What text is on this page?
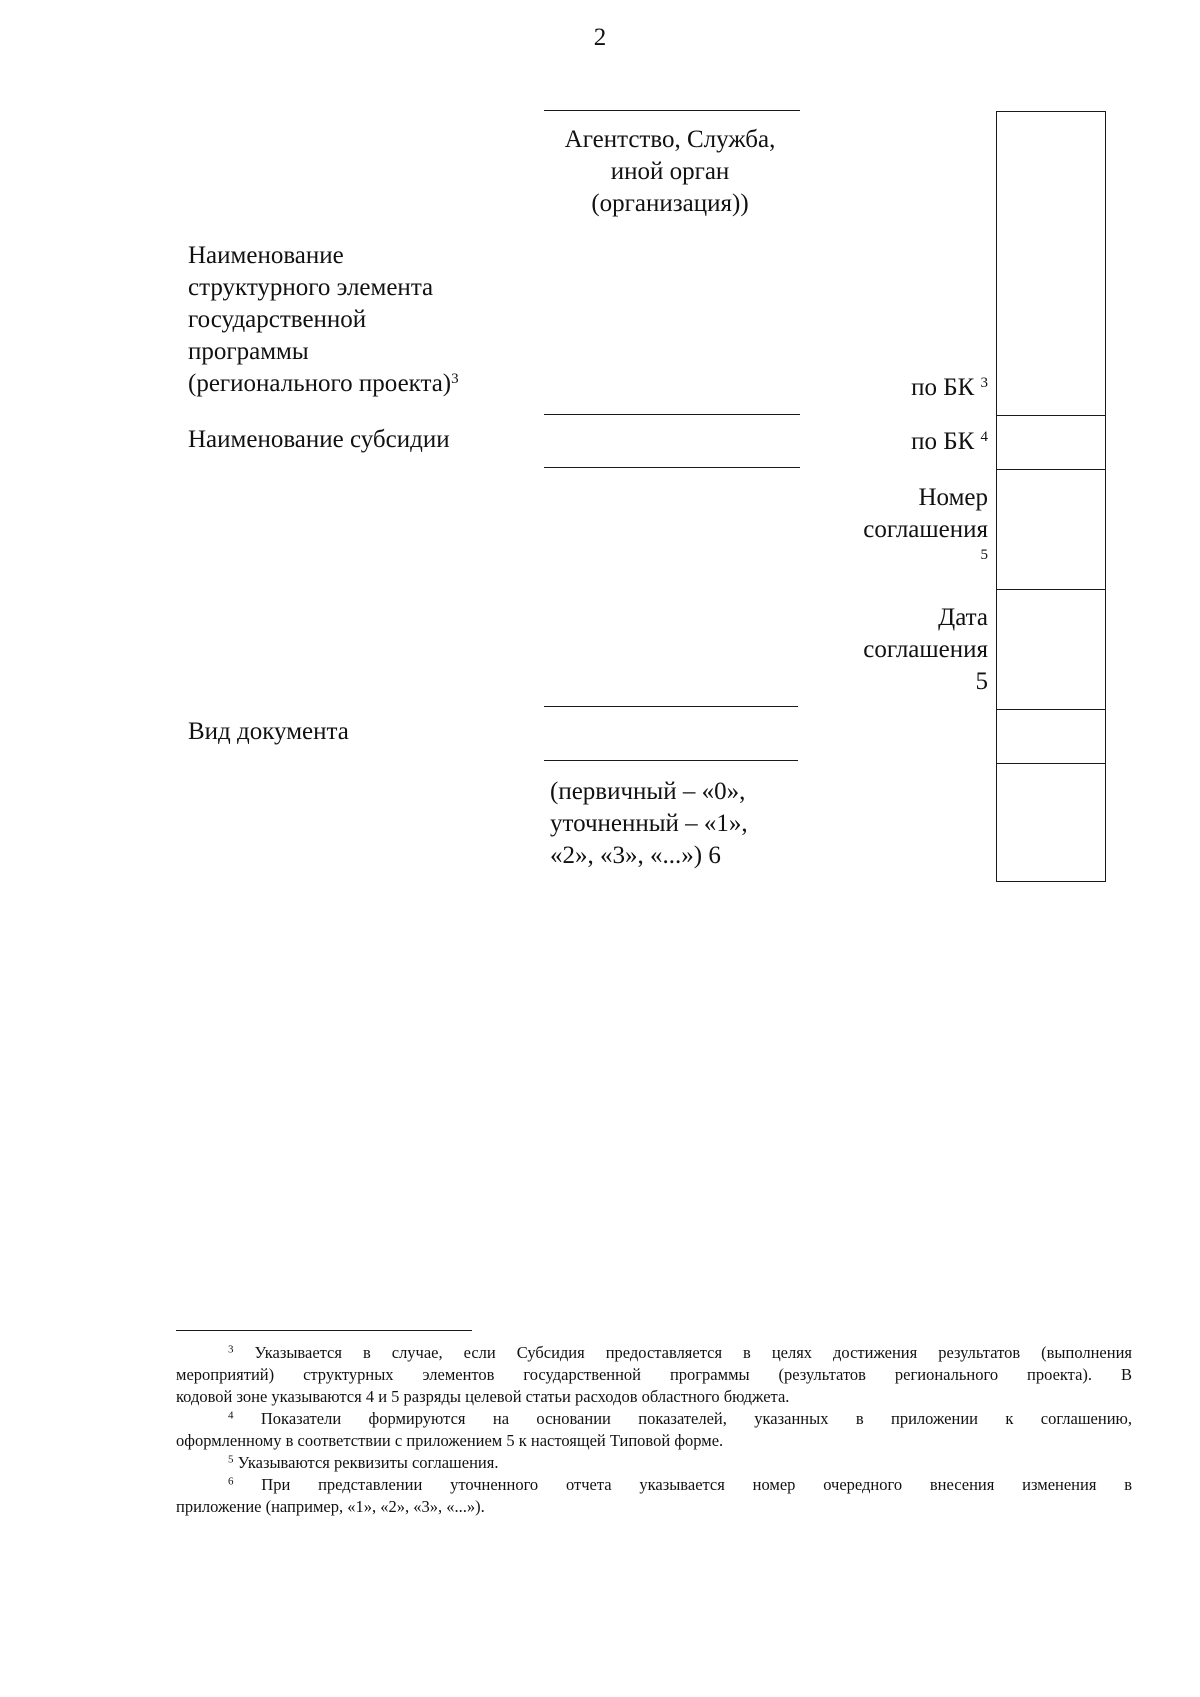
2
Агентство, Служба,
иной орган
(организация))
Наименование
структурного элемента
государственной
программы
(регионального проекта)$^3$
Наименование субсидии
Вид документа
(первичный – «0»,
уточненный – «1»,
«2», «3», «...») 6
по БК $^3$
по БК $^4$
Номер
соглашения
5
Дата
соглашения
5
$^3$ Указывается в случае, если Субсидия предоставляется в целях достижения результатов (выполнения
мероприятий) структурных элементов государственной программы (результатов регионального проекта). В
кодовой зоне указываются 4 и 5 разряды целевой статьи расходов областного бюджета.
$^4$ Показатели формируются на основании показателей, указанных в приложении к соглашению,
оформленному в соответствии с приложением 5 к настоящей Типовой форме.
$^5$ Указываются реквизиты соглашения.
$^6$ При представлении уточненного отчета указывается номер очередного внесения изменения в
приложение (например, «1», «2», «3», «...»).
